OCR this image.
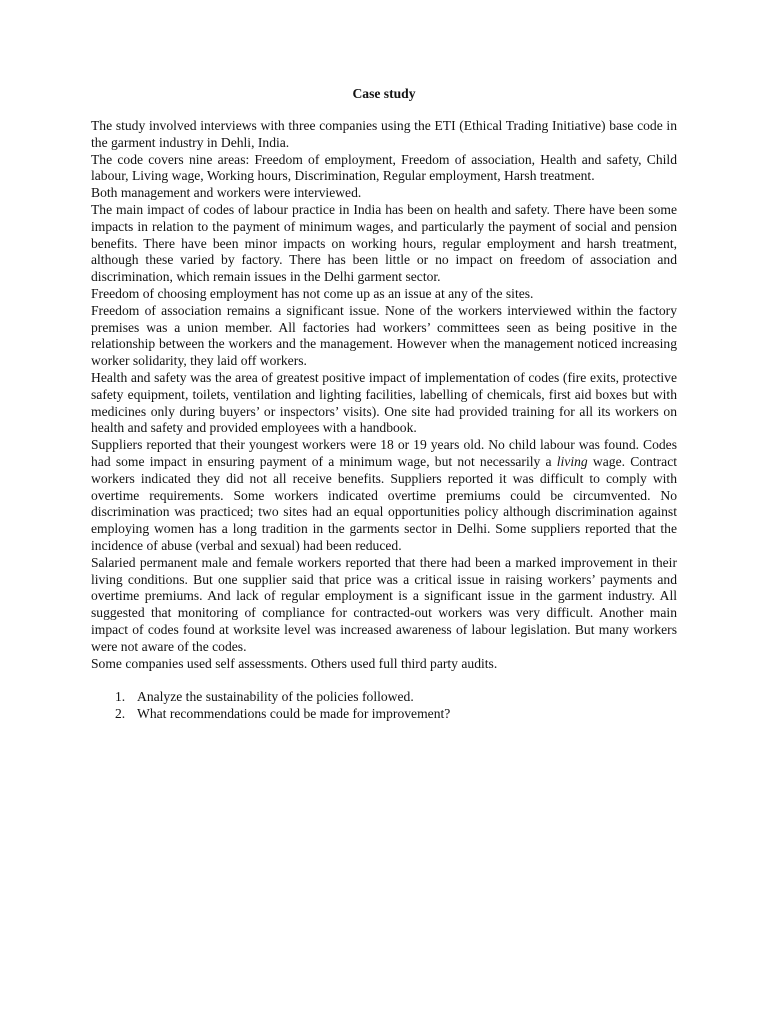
Case study

The study involved interviews with three companies using the ETI (Ethical Trading Initiative) base code in the garment industry in Dehli, India.

The code covers nine areas: Freedom of employment, Freedom of association, Health and safety, Child labour, Living wage, Working hours, Discrimination, Regular employment, Harsh treatment.

Both management and workers were interviewed.

The main impact of codes of labour practice in India has been on health and safety. There have been some impacts in relation to the payment of minimum wages, and particularly the payment of social and pension benefits. There have been minor impacts on working hours, regular employment and harsh treatment, although these varied by factory. There has been little or no impact on freedom of association and discrimination, which remain issues in the Delhi garment sector.

Freedom of choosing employment has not come up as an issue at any of the sites.

Freedom of association remains a significant issue. None of the workers interviewed within the factory premises was a union member. All factories had workers’ committees seen as being positive in the relationship between the workers and the management. However when the management noticed increasing worker solidarity, they laid off workers.

Health and safety was the area of greatest positive impact of implementation of codes (fire exits, protective safety equipment, toilets, ventilation and lighting facilities, labelling of chemicals, first aid boxes but with medicines only during buyers’ or inspectors’ visits). One site had provided training for all its workers on health and safety and provided employees with a handbook.

Suppliers reported that their youngest workers were 18 or 19 years old. No child labour was found. Codes had some impact in ensuring payment of a minimum wage, but not necessarily a living wage. Contract workers indicated they did not all receive benefits. Suppliers reported it was difficult to comply with overtime requirements. Some workers indicated overtime premiums could be circumvented. No discrimination was practiced; two sites had an equal opportunities policy although discrimination against employing women has a long tradition in the garments sector in Delhi. Some suppliers reported that the incidence of abuse (verbal and sexual) had been reduced.

Salaried permanent male and female workers reported that there had been a marked improvement in their living conditions. But one supplier said that price was a critical issue in raising workers’ payments and overtime premiums. And lack of regular employment is a significant issue in the garment industry. All suggested that monitoring of compliance for contracted-out workers was very difficult. Another main impact of codes found at worksite level was increased awareness of labour legislation. But many workers were not aware of the codes.

Some companies used self assessments. Others used full third party audits.

1. Analyze the sustainability of the policies followed.
2. What recommendations could be made for improvement?
